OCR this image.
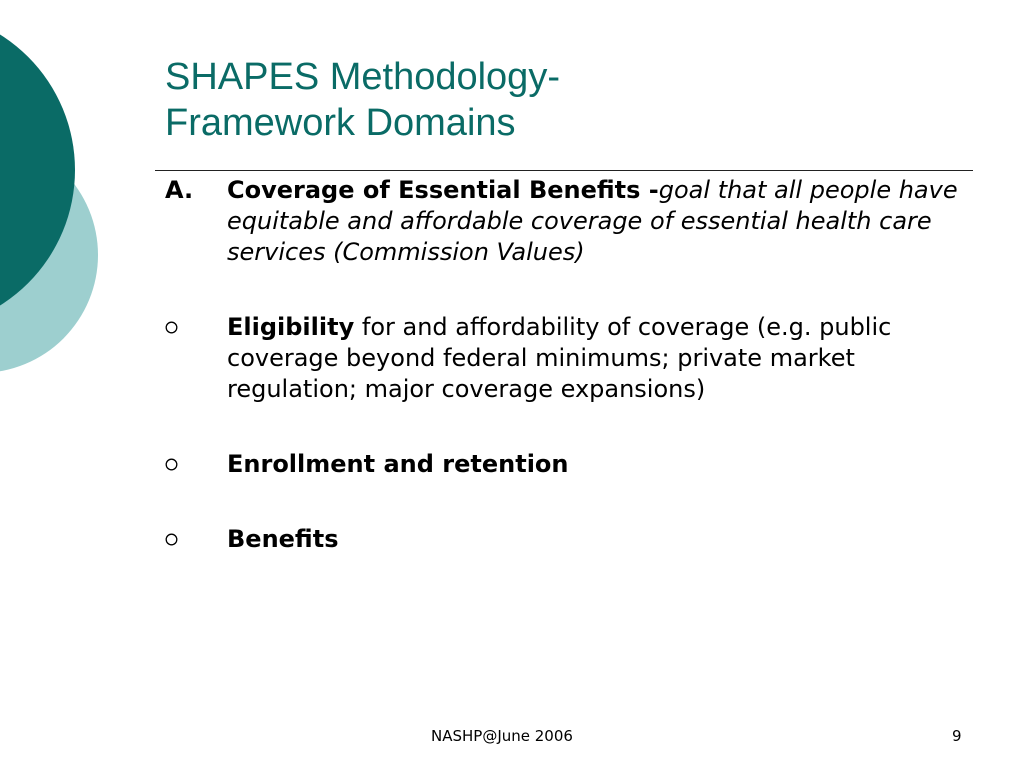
SHAPES Methodology-
Framework Domains
A.	Coverage of Essential Benefits -goal that all people have equitable and affordable coverage of essential health care services (Commission Values)
Eligibility for and affordability of coverage (e.g. public coverage beyond federal minimums; private market regulation; major coverage expansions)
Enrollment and retention
Benefits
NASHP@June 2006	9
